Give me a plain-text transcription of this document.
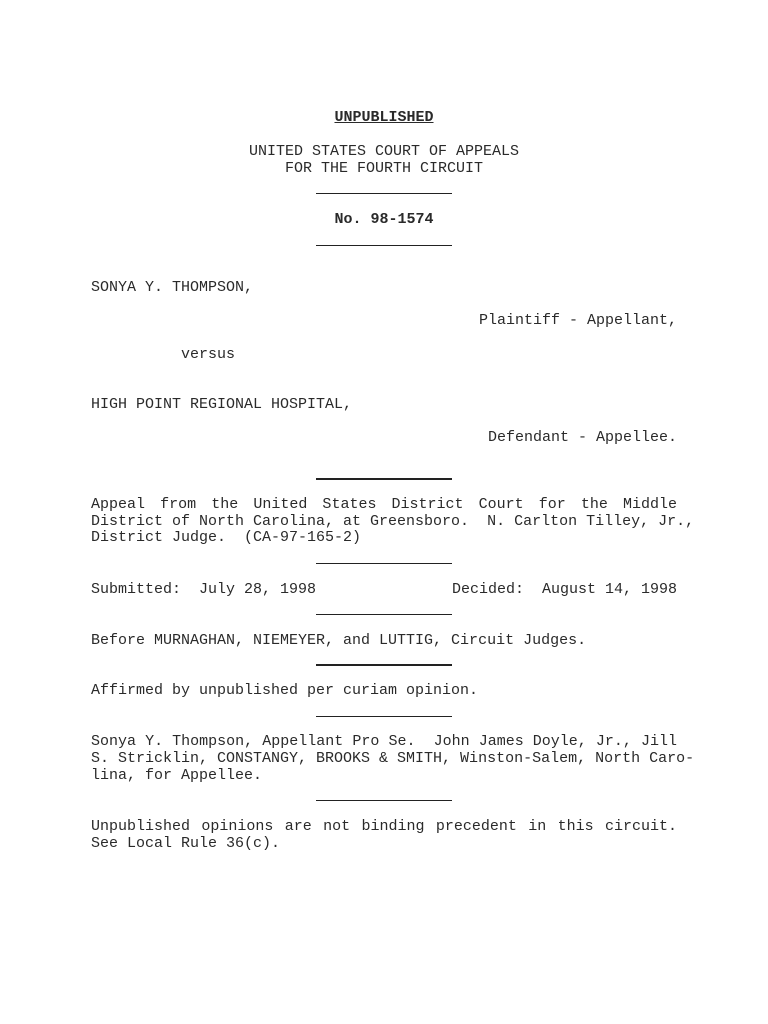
UNPUBLISHED
UNITED STATES COURT OF APPEALS
FOR THE FOURTH CIRCUIT
No. 98-1574
SONYA Y. THOMPSON,
Plaintiff - Appellant,
versus
HIGH POINT REGIONAL HOSPITAL,
Defendant - Appellee.
Appeal from the United States District Court for the Middle
District of North Carolina, at Greensboro.  N. Carlton Tilley, Jr.,
District Judge.  (CA-97-165-2)
Submitted:  July 28, 1998	Decided:  August 14, 1998
Before MURNAGHAN, NIEMEYER, and LUTTIG, Circuit Judges.
Affirmed by unpublished per curiam opinion.
Sonya Y. Thompson, Appellant Pro Se.  John James Doyle, Jr., Jill
S. Stricklin, CONSTANGY, BROOKS & SMITH, Winston-Salem, North Caro-
lina, for Appellee.
Unpublished opinions are not binding precedent in this circuit.
See Local Rule 36(c).
